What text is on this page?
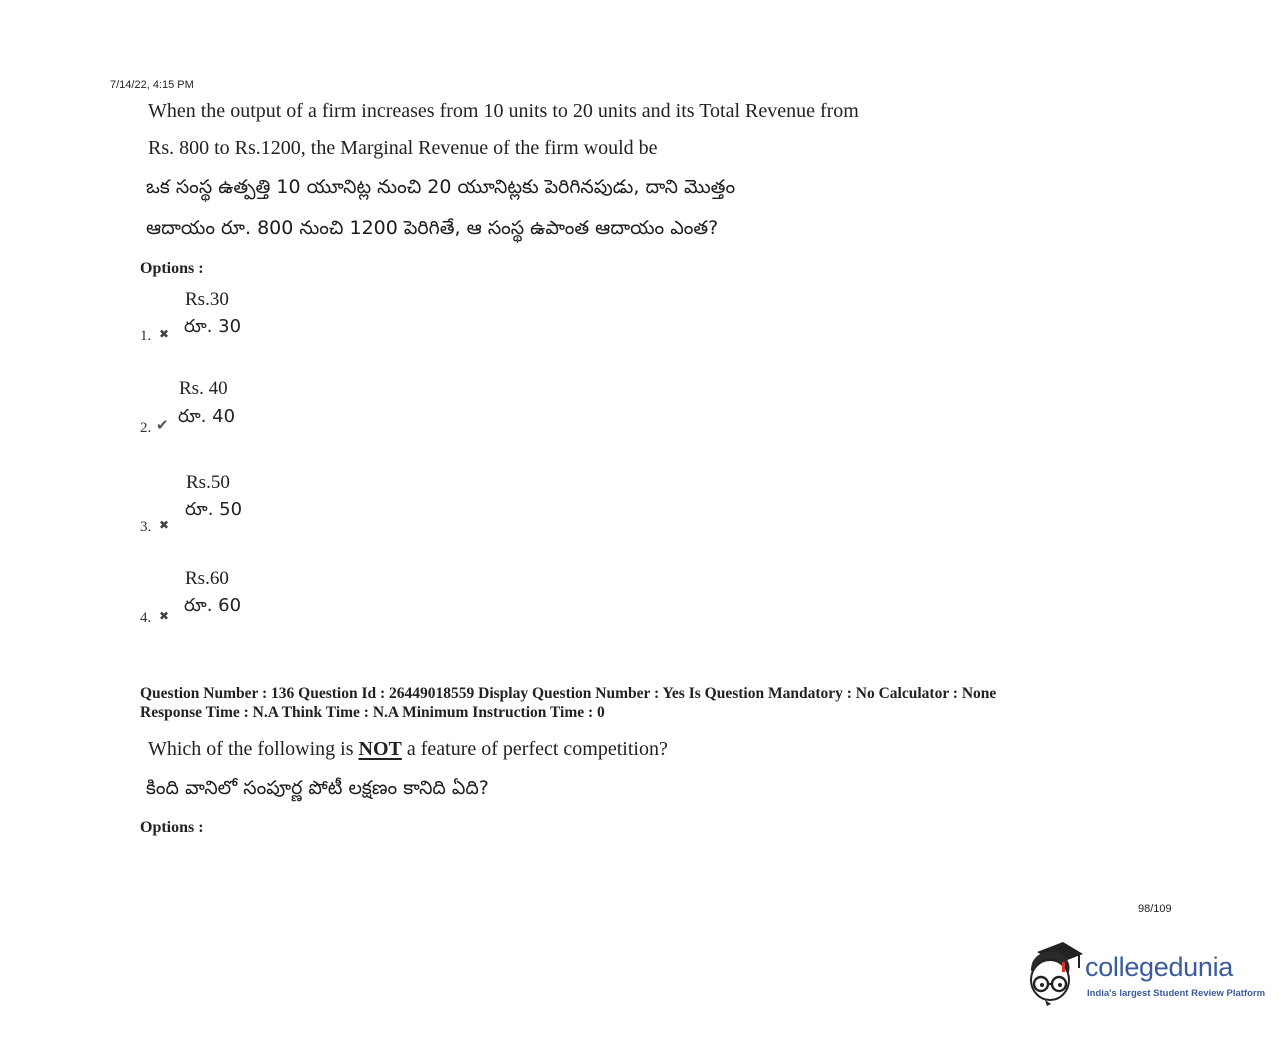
7/14/22, 4:15 PM
When the output of a firm increases from 10 units to 20 units and its Total Revenue from
Rs. 800 to Rs.1200, the Marginal Revenue of the firm would be
ఒక సంస్థ ఉత్పత్తి 10 యూనిట్ల నుంచి 20 యూనిట్లకు పెరిగినపుడు, దాని మొత్తం
ఆదాయం రూ. 800 నుంచి 1200 పెరిగితే, ఆ సంస్థ ఉపాంత ఆదాయం ఎంత?
Options :
Rs.30
రూ. 30
1. ✖
Rs. 40
రూ. 40
2. ✔
Rs.50
రూ. 50
3. ✖
Rs.60
రూ. 60
4. ✖
Question Number : 136 Question Id : 26449018559 Display Question Number : Yes Is Question Mandatory : No Calculator : None
Response Time : N.A Think Time : N.A Minimum Instruction Time : 0
Which of the following is NOT a feature of perfect competition?
కింది వానిలో సంపూర్ణ పోటీ లక్షణం కానిది ఏది?
Options :
98/109
collegedunia
India's largest Student Review Platform
